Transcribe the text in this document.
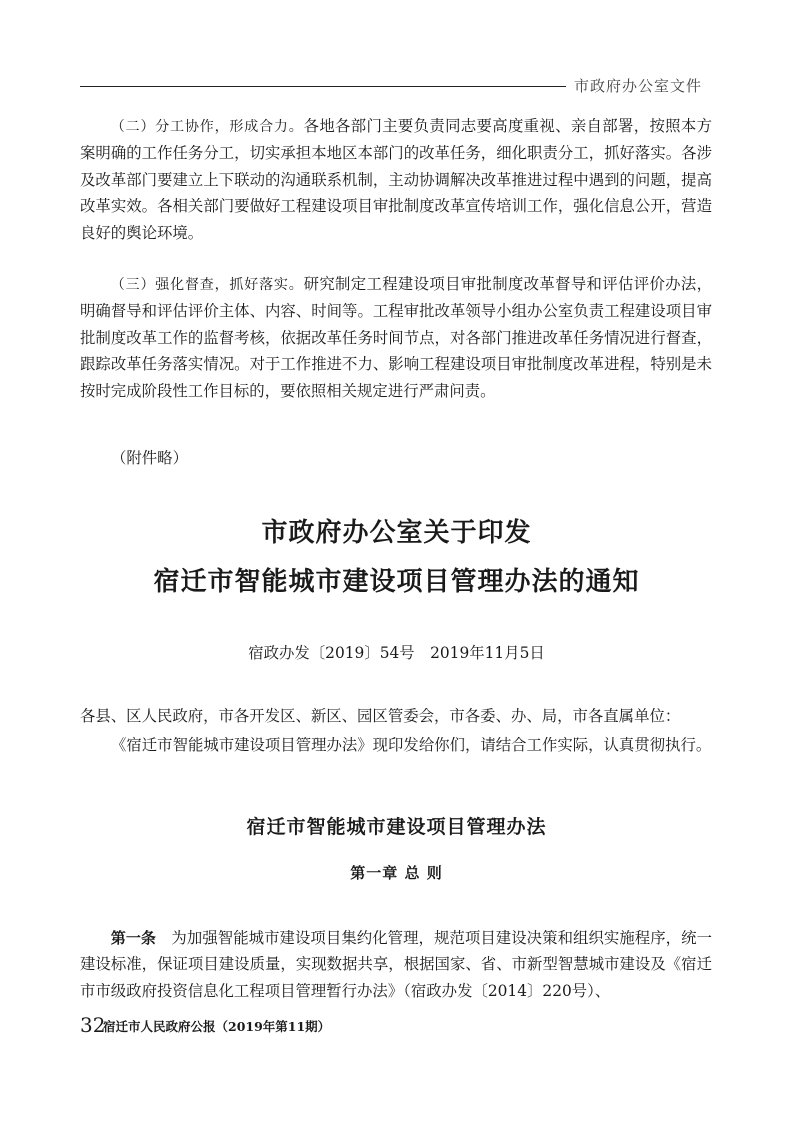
市政府办公室文件

（二）分工协作，形成合力。各地各部门主要负责同志要高度重视、亲自部署，按照本方案明确的工作任务分工，切实承担本地区本部门的改革任务，细化职责分工，抓好落实。各涉及改革部门要建立上下联动的沟通联系机制，主动协调解决改革推进过程中遇到的问题，提高改革实效。各相关部门要做好工程建设项目审批制度改革宣传培训工作，强化信息公开，营造良好的舆论环境。

（三）强化督查，抓好落实。研究制定工程建设项目审批制度改革督导和评估评价办法，明确督导和评估评价主体、内容、时间等。工程审批改革领导小组办公室负责工程建设项目审批制度改革工作的监督考核，依据改革任务时间节点，对各部门推进改革任务情况进行督查，跟踪改革任务落实情况。对于工作推进不力、影响工程建设项目审批制度改革进程，特别是未按时完成阶段性工作目标的，要依照相关规定进行严肃问责。

（附件略）
市政府办公室关于印发
宿迁市智能城市建设项目管理办法的通知
宿政办发〔2019〕54号　2019年11月5日
各县、区人民政府，市各开发区、新区、园区管委会，市各委、办、局，市各直属单位：
《宿迁市智能城市建设项目管理办法》现印发给你们，请结合工作实际，认真贯彻执行。
宿迁市智能城市建设项目管理办法
第一章 总 则

第一条　 为加强智能城市建设项目集约化管理，规范项目建设决策和组织实施程序，统一建设标准，保证项目建设质量，实现数据共享，根据国家、省、市新型智慧城市建设及《宿迁市市级政府投资信息化工程项目管理暂行办法》（宿政办发〔2014〕220号）、

32
宿迁市人民政府公报（2019年第11期）
